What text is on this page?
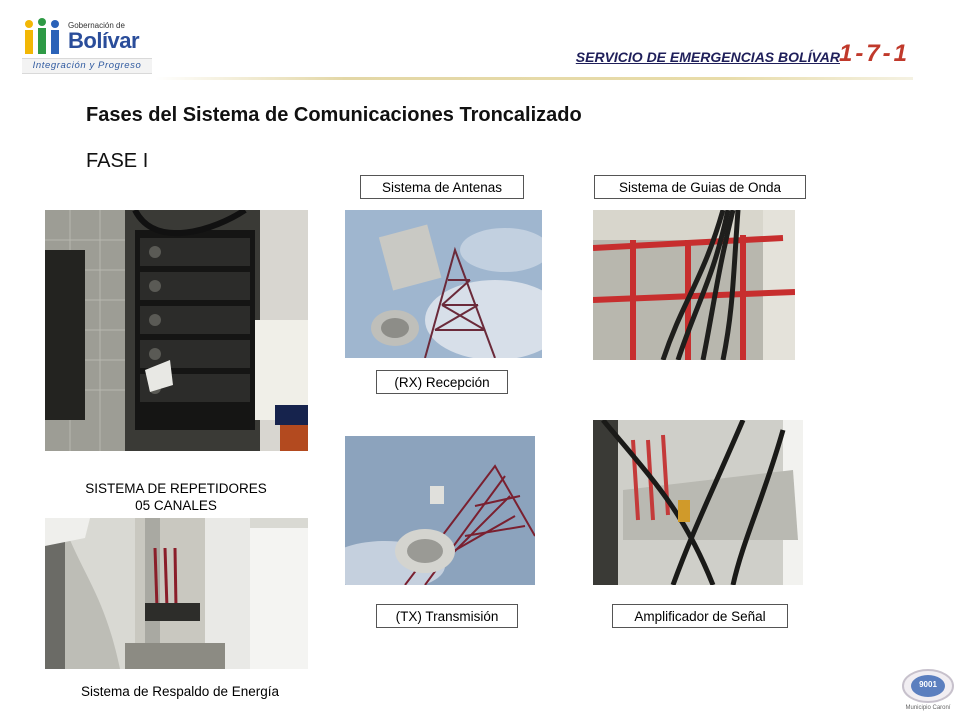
Gobernación de
Bolívar
Integración y Progreso
SERVICIO DE EMERGENCIAS BOLÍVAR
1-7-1
Fases del Sistema de Comunicaciones Troncalizado
FASE I
Sistema de Antenas	Sistema de Guias de Onda
(RX) Recepción
(TX) Transmisión	Amplificador de Señal
SISTEMA DE REPETIDORES
05 CANALES
Sistema de Respaldo de Energía	9001
Municipio Caroní
